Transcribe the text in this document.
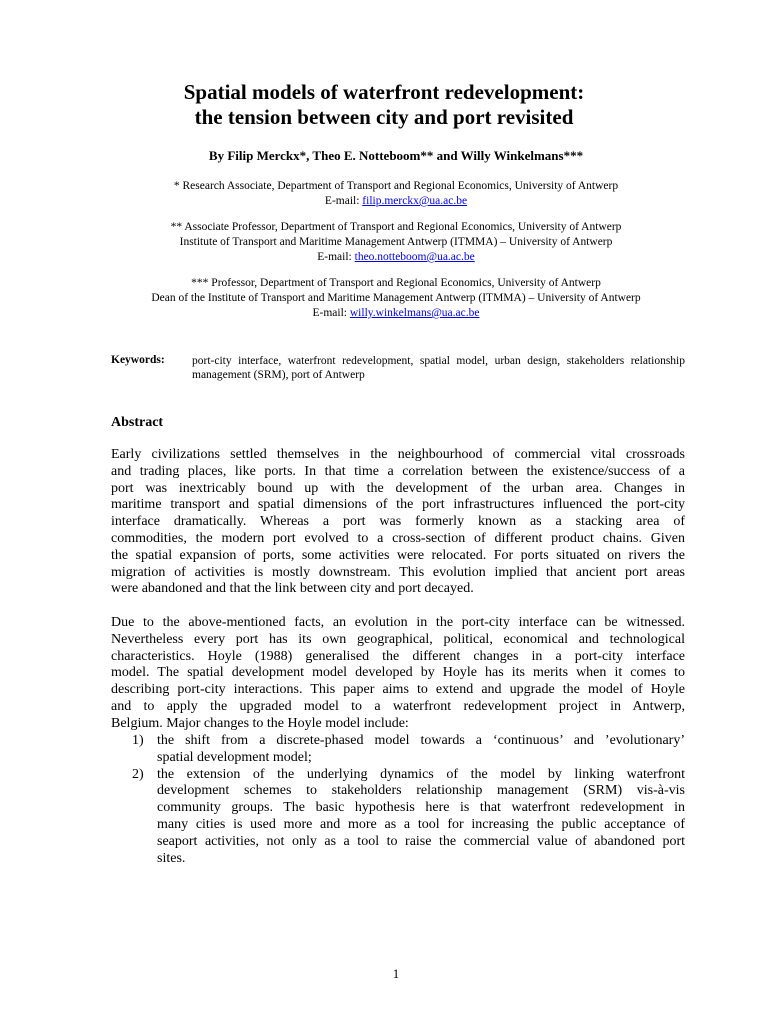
Spatial models of waterfront redevelopment:
the tension between city and port revisited
By Filip Merckx*, Theo E. Notteboom** and Willy Winkelmans***
* Research Associate, Department of Transport and Regional Economics, University of Antwerp
E-mail: filip.merckx@ua.ac.be
** Associate Professor, Department of Transport and Regional Economics, University of Antwerp
Institute of Transport and Maritime Management Antwerp (ITMMA) – University of Antwerp
E-mail: theo.notteboom@ua.ac.be
*** Professor, Department of Transport and Regional Economics, University of Antwerp
Dean of the Institute of Transport and Maritime Management Antwerp (ITMMA) – University of Antwerp
E-mail: willy.winkelmans@ua.ac.be
Keywords: port-city interface, waterfront redevelopment, spatial model, urban design, stakeholders relationship management (SRM), port of Antwerp
Abstract
Early civilizations settled themselves in the neighbourhood of commercial vital crossroads
and trading places, like ports. In that time a correlation between the existence/success of a
port was inextricably bound up with the development of the urban area. Changes in
maritime transport and spatial dimensions of the port infrastructures influenced the port-city
interface dramatically. Whereas a port was formerly known as a stacking area of
commodities, the modern port evolved to a cross-section of different product chains. Given
the spatial expansion of ports, some activities were relocated. For ports situated on rivers the
migration of activities is mostly downstream. This evolution implied that ancient port areas
were abandoned and that the link between city and port decayed.
Due to the above-mentioned facts, an evolution in the port-city interface can be witnessed.
Nevertheless every port has its own geographical, political, economical and technological
characteristics. Hoyle (1988) generalised the different changes in a port-city interface
model. The spatial development model developed by Hoyle has its merits when it comes to
describing port-city interactions. This paper aims to extend and upgrade the model of Hoyle
and to apply the upgraded model to a waterfront redevelopment project in Antwerp,
Belgium. Major changes to the Hoyle model include:
1) the shift from a discrete-phased model towards a ‘continuous’ and ’evolutionary’
spatial development model;
2) the extension of the underlying dynamics of the model by linking waterfront
development schemes to stakeholders relationship management (SRM) vis-à-vis
community groups. The basic hypothesis here is that waterfront redevelopment in
many cities is used more and more as a tool for increasing the public acceptance of
seaport activities, not only as a tool to raise the commercial value of abandoned port
sites.
1
